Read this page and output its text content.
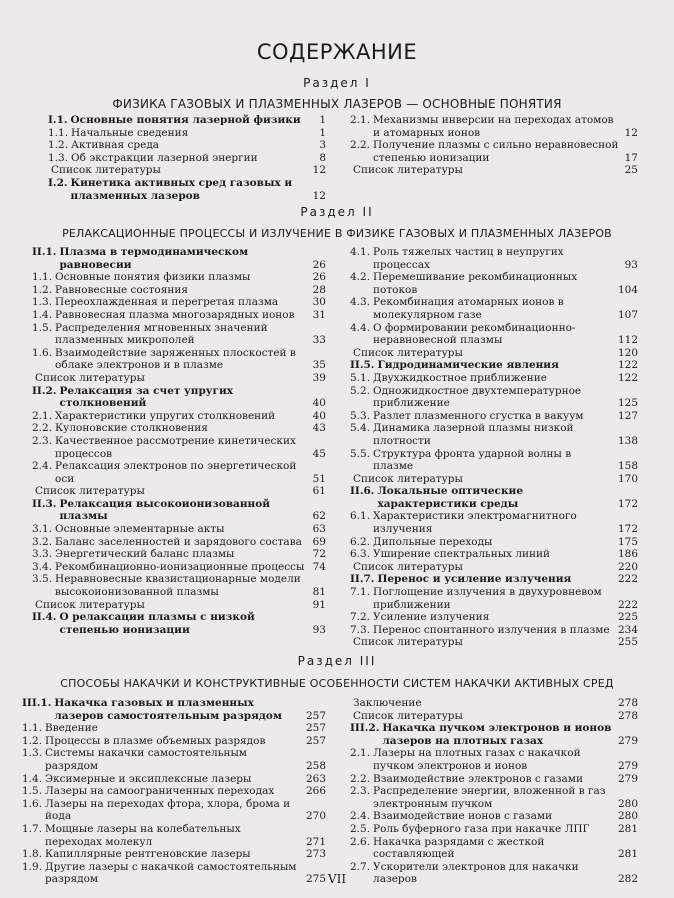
СОДЕРЖАНИЕ
Раздел I
ФИЗИКА ГАЗОВЫХ И ПЛАЗМЕННЫХ ЛАЗЕРОВ — ОСНОВНЫЕ ПОНЯТИЯ
I.1. Основные понятия лазерной физики	1
1.1. Начальные сведения	1
1.2. Активная среда	3
1.3. Об экстракции лазерной энергии	8
Список литературы	12
I.2. Кинетика активных сред газовых и плазменных лазеров	12
2.1. Механизмы инверсии на переходах атомов и атомарных ионов	12
2.2. Получение плазмы с сильно неравновесной степенью ионизации	17
Список литературы	25
Раздел II
РЕЛАКСАЦИОННЫЕ ПРОЦЕССЫ И ИЗЛУЧЕНИЕ В ФИЗИКЕ ГАЗОВЫХ И ПЛАЗМЕННЫХ ЛАЗЕРОВ
II.1. Плазма в термодинамическом равновесии	26
1.1. Основные понятия физики плазмы	26
1.2. Равновесные состояния	28
1.3. Переохлажденная и перегретая плазма	30
1.4. Равновесная плазма многозарядных ионов	31
1.5. Распределения мгновенных значений плазменных микрополей	33
1.6. Взаимодействие заряженных плоскостей в облаке электронов и в плазме	35
Список литературы	39
II.2. Релаксация за счет упругих столкновений	40
2.1. Характеристики упругих столкновений	40
2.2. Кулоновские столкновения	43
2.3. Качественное рассмотрение кинетических процессов	45
2.4. Релаксация электронов по энергетической оси	51
Список литературы	61
II.3. Релаксация высокоионизованной плазмы	62
3.1. Основные элементарные акты	63
3.2. Баланс заселенностей и зарядового состава	69
3.3. Энергетический баланс плазмы	72
3.4. Рекомбинационно-ионизационные процессы 74
3.5. Неравновесные квазистационарные модели высокоионизованной плазмы	81
Список литературы	91
II.4. О релаксации плазмы с низкой степенью ионизации	93
4.1. Роль тяжелых частиц в неупругих процессах	93
4.2. Перемешивание рекомбинационных потоков	104
4.3. Рекомбинация атомарных ионов в молекулярном газе	107
4.4. О формировании рекомбинационно-неравновесной плазмы	112
Список литературы	120
II.5. Гидродинамические явления	122
5.1. Двухжидкостное приближение	122
5.2. Одножидкостное двухтемпературное приближение	125
5.3. Разлет плазменного сгустка в вакуум	127
5.4. Динамика лазерной плазмы низкой плотности	138
5.5. Структура фронта ударной волны в плазме	158
Список литературы	170
II.6. Локальные оптические характеристики среды	172
6.1. Характеристики электромагнитного излучения	172
6.2. Дипольные переходы	175
6.3. Уширение спектральных линий	186
Список литературы	220
II.7. Перенос и усиление излучения	222
7.1. Поглощение излучения в двухуровневом приближении	222
7.2. Усиление излучения	225
7.3. Перенос спонтанного излучения в плазме 234
Список литературы	255
Раздел III
СПОСОБЫ НАКАЧКИ И КОНСТРУКТИВНЫЕ ОСОБЕННОСТИ СИСТЕМ НАКАЧКИ АКТИВНЫХ СРЕД
III.1. Накачка газовых и плазменных лазеров самостоятельным разрядом	257
1.1. Введение	257
1.2. Процессы в плазме объемных разрядов	257
1.3. Системы накачки самостоятельным разрядом	258
1.4. Эксимерные и эксиплексные лазеры	263
1.5. Лазеры на самоограниченных переходах	266
1.6. Лазеры на переходах фтора, хлора, брома и йода	270
1.7. Мощные лазеры на колебательных переходах молекул	271
1.8. Капиллярные рентгеновские лазеры	273
1.9. Другие лазеры с накачкой самостоятельным разрядом	275
Заключение	278
Список литературы	278
III.2. Накачка пучком электронов и ионов лазеров на плотных газах	279
2.1. Лазеры на плотных газах с накачкой пучком электронов и ионов	279
2.2. Взаимодействие электронов с газами	279
2.3. Распределение энергии, вложенной в газ электронным пучком	280
2.4. Взаимодействие ионов с газами	280
2.5. Роль буферного газа при накачке ЛПГ	281
2.6. Накачка разрядами с жесткой составляющей	281
2.7. Ускорители электронов для накачки лазеров	282
VII
